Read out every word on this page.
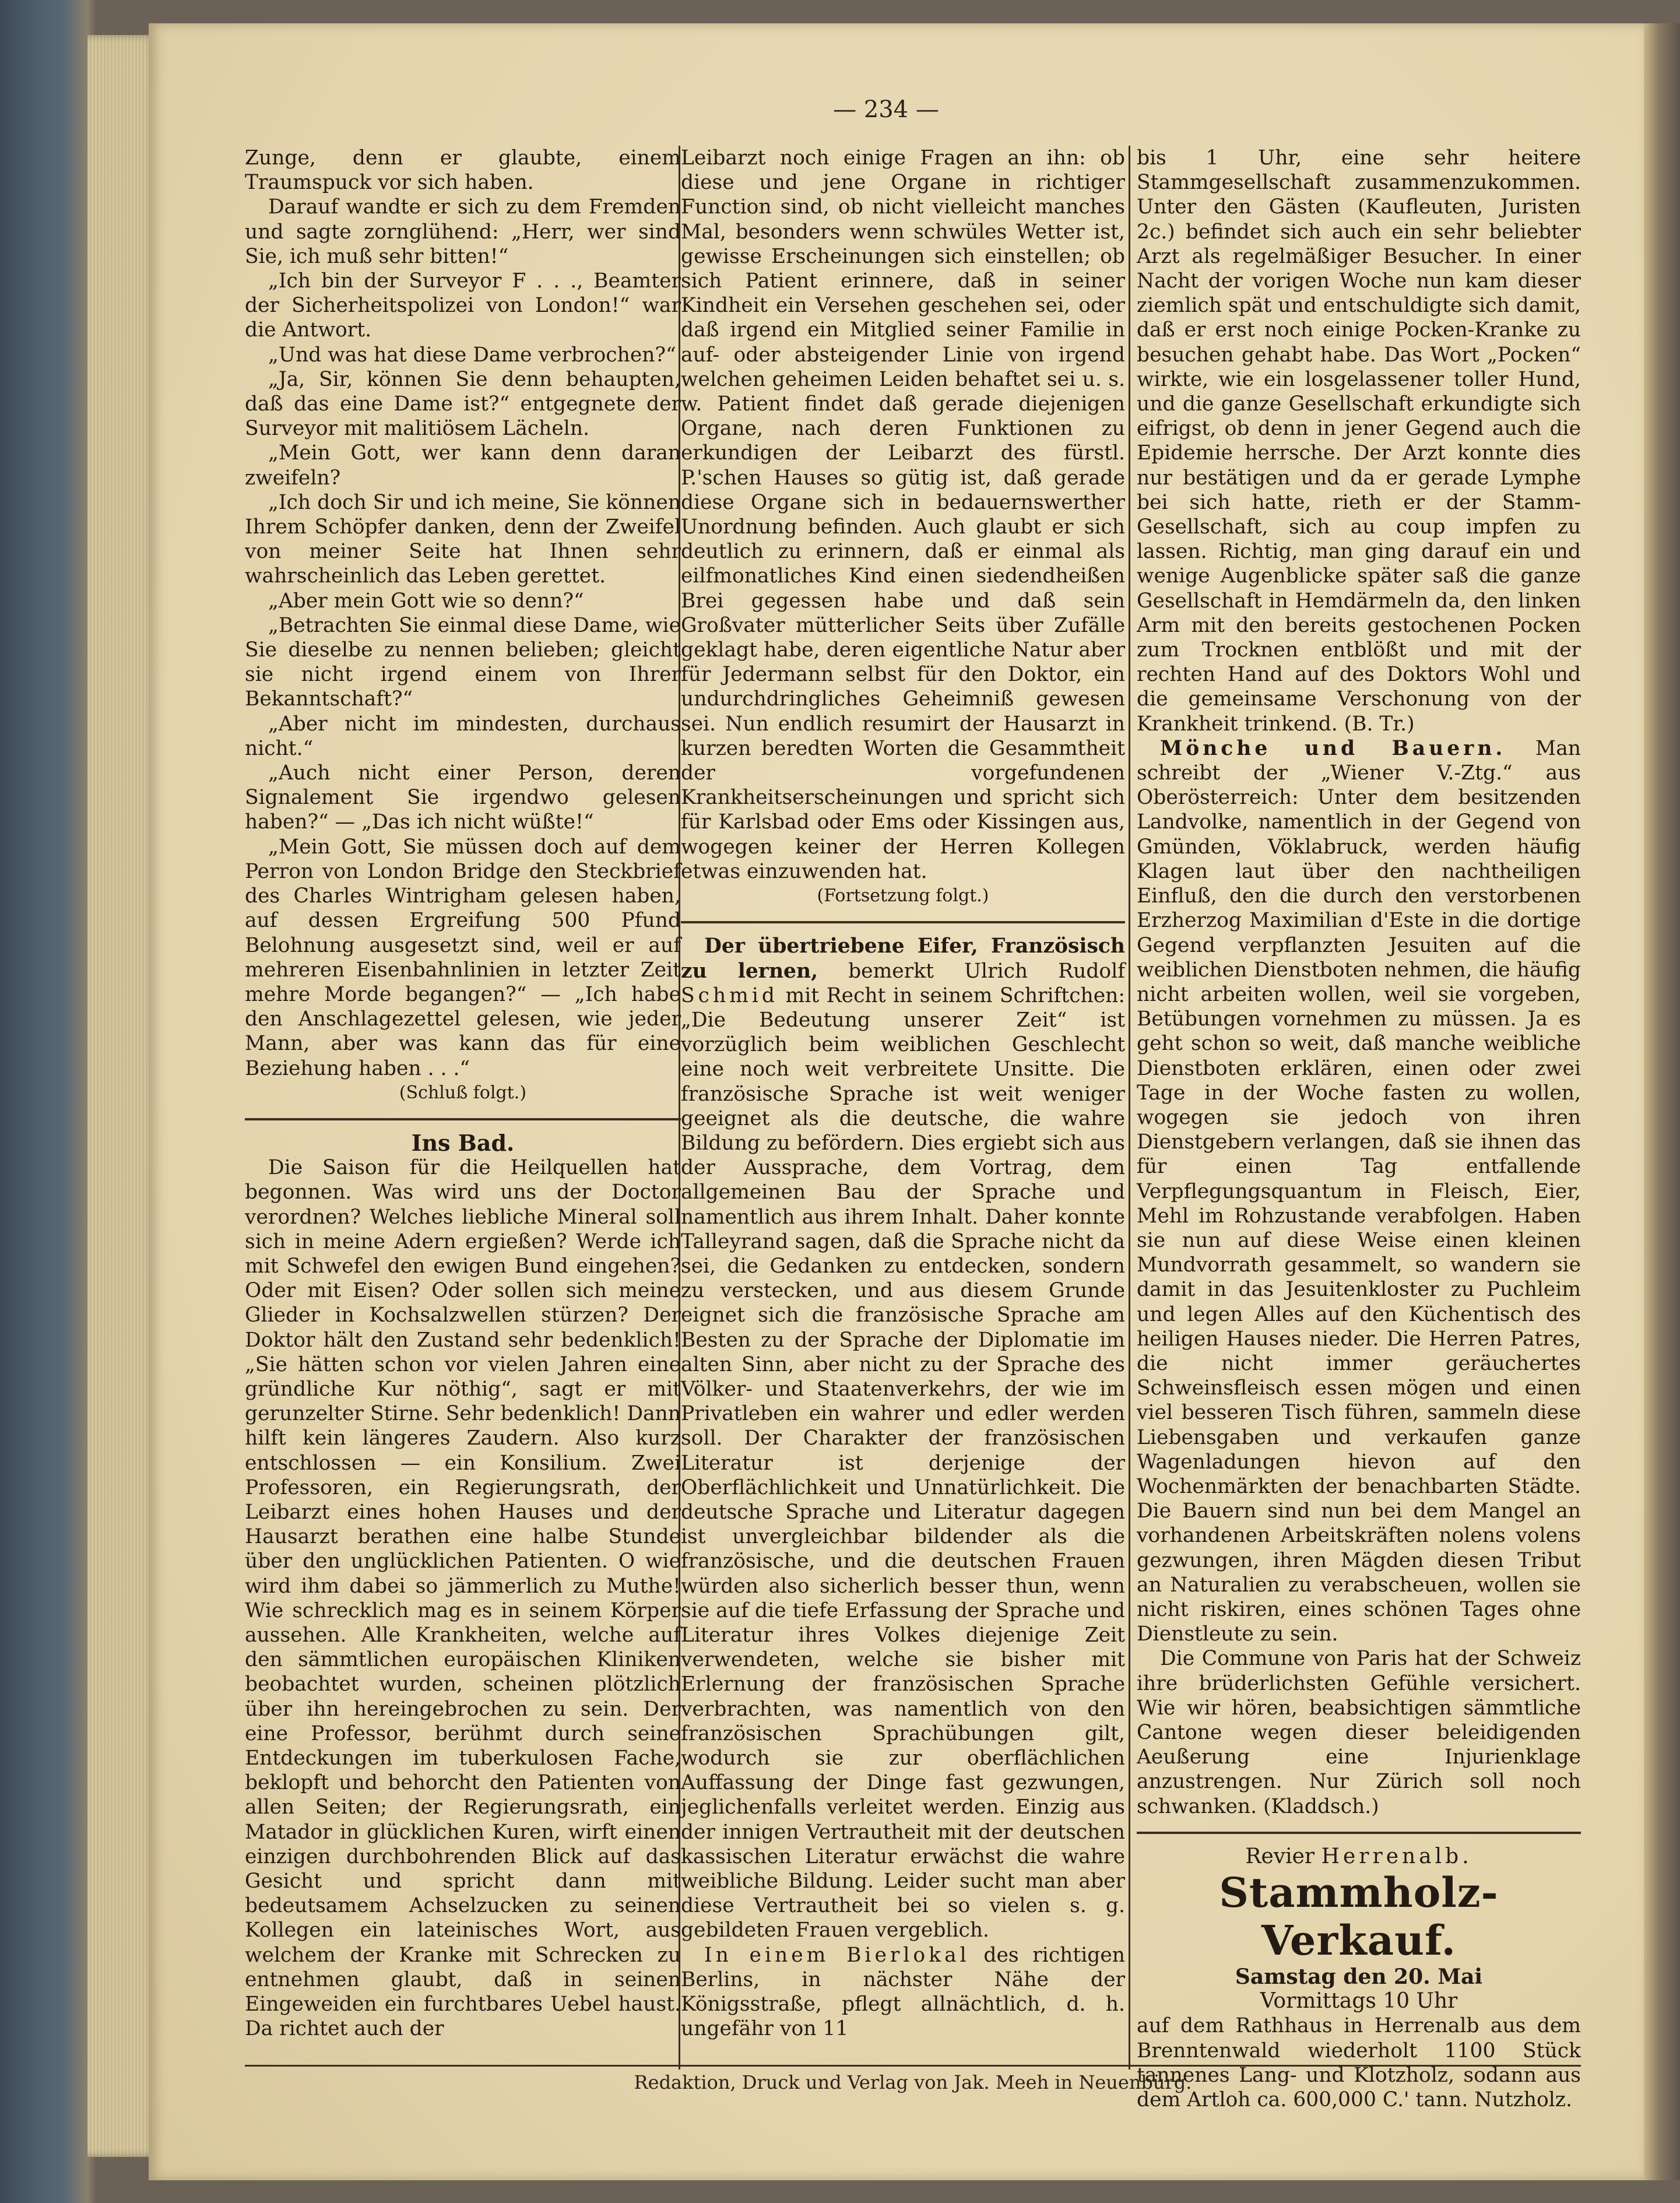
— 234 —

Zunge, denn er glaubte, einem Traumspuck vor sich haben.

Darauf wandte er sich zu dem Fremden und sagte zornglühend: „Herr, wer sind Sie, ich muß sehr bitten!“

„Ich bin der Surveyor F . . ., Beamter der Sicherheitspolizei von London!“ war die Antwort.

„Und was hat diese Dame verbrochen?“

„Ja, Sir, können Sie denn behaupten, daß das eine Dame ist?“ entgegnete der Surveyor mit malitiösem Lächeln.

„Mein Gott, wer kann denn daran zweifeln?

„Ich doch Sir und ich meine, Sie können Ihrem Schöpfer danken, denn der Zweifel von meiner Seite hat Ihnen sehr wahrscheinlich das Leben gerettet.

„Aber mein Gott wie so denn?“

„Betrachten Sie einmal diese Dame, wie Sie dieselbe zu nennen belieben; gleicht sie nicht irgend einem von Ihrer Bekanntschaft?“

„Aber nicht im mindesten, durchaus nicht.“

„Auch nicht einer Person, deren Signalement Sie irgendwo gelesen haben?“ — „Das ich nicht wüßte!“

„Mein Gott, Sie müssen doch auf dem Perron von London Bridge den Steckbrief des Charles Wintrigham gelesen haben, auf dessen Ergreifung 500 Pfund Belohnung ausgesetzt sind, weil er auf mehreren Eisenbahnlinien in letzter Zeit mehre Morde begangen?“ — „Ich habe den Anschlagezettel gelesen, wie jeder Mann, aber was kann das für eine Beziehung haben . . .“

(Schluß folgt.)

Ins Bad.

Die Saison für die Heilquellen hat begonnen. Was wird uns der Doctor verordnen? Welches liebliche Mineral soll sich in meine Adern ergießen? Werde ich mit Schwefel den ewigen Bund eingehen? Oder mit Eisen? Oder sollen sich meine Glieder in Kochsalzwellen stürzen? Der Doktor hält den Zustand sehr bedenklich! „Sie hätten schon vor vielen Jahren eine gründliche Kur nöthig“, sagt er mit gerunzelter Stirne. Sehr bedenklich! Dann hilft kein längeres Zaudern. Also kurz entschlossen — ein Konsilium. Zwei Professoren, ein Regierungsrath, der Leibarzt eines hohen Hauses und der Hausarzt berathen eine halbe Stunde über den unglücklichen Patienten. O wie wird ihm dabei so jämmerlich zu Muthe! Wie schrecklich mag es in seinem Körper aussehen. Alle Krankheiten, welche auf den sämmtlichen europäischen Kliniken beobachtet wurden, scheinen plötzlich über ihn hereingebrochen zu sein. Der eine Professor, berühmt durch seine Entdeckungen im tuberkulosen Fache, beklopft und behorcht den Patienten von allen Seiten; der Regierungsrath, ein Matador in glücklichen Kuren, wirft einen einzigen durchbohrenden Blick auf das Gesicht und spricht dann mit bedeutsamem Achselzucken zu seinen Kollegen ein lateinisches Wort, aus welchem der Kranke mit Schrecken zu entnehmen glaubt, daß in seinen Eingeweiden ein furchtbares Uebel haust. Da richtet auch der

Leibarzt noch einige Fragen an ihn: ob diese und jene Organe in richtiger Function sind, ob nicht vielleicht manches Mal, besonders wenn schwüles Wetter ist, gewisse Erscheinungen sich einstellen; ob sich Patient erinnere, daß in seiner Kindheit ein Versehen geschehen sei, oder daß irgend ein Mitglied seiner Familie in auf- oder absteigender Linie von irgend welchen geheimen Leiden behaftet sei u. s. w. Patient findet daß gerade diejenigen Organe, nach deren Funktionen zu erkundigen der Leibarzt des fürstl. P.'schen Hauses so gütig ist, daß gerade diese Organe sich in bedauernswerther Unordnung befinden. Auch glaubt er sich deutlich zu erinnern, daß er einmal als eilfmonatliches Kind einen siedendheißen Brei gegessen habe und daß sein Großvater mütterlicher Seits über Zufälle geklagt habe, deren eigentliche Natur aber für Jedermann selbst für den Doktor, ein undurchdringliches Geheimniß gewesen sei. Nun endlich resumirt der Hausarzt in kurzen beredten Worten die Gesammtheit der vorgefundenen Krankheitserscheinungen und spricht sich für Karlsbad oder Ems oder Kissingen aus, wogegen keiner der Herren Kollegen etwas einzuwenden hat.

(Fortsetzung folgt.)

Der übertriebene Eifer, Französisch zu lernen, bemerkt Ulrich Rudolf Schmid mit Recht in seinem Schriftchen: „Die Bedeutung unserer Zeit“ ist vorzüglich beim weiblichen Geschlecht eine noch weit verbreitete Unsitte. Die französische Sprache ist weit weniger geeignet als die deutsche, die wahre Bildung zu befördern. Dies ergiebt sich aus der Aussprache, dem Vortrag, dem allgemeinen Bau der Sprache und namentlich aus ihrem Inhalt. Daher konnte Talleyrand sagen, daß die Sprache nicht da sei, die Gedanken zu entdecken, sondern zu verstecken, und aus diesem Grunde eignet sich die französische Sprache am Besten zu der Sprache der Diplomatie im alten Sinn, aber nicht zu der Sprache des Völker- und Staatenverkehrs, der wie im Privatleben ein wahrer und edler werden soll. Der Charakter der französischen Literatur ist derjenige der Oberflächlichkeit und Unnatürlichkeit. Die deutsche Sprache und Literatur dagegen ist unvergleichbar bildender als die französische, und die deutschen Frauen würden also sicherlich besser thun, wenn sie auf die tiefe Erfassung der Sprache und Literatur ihres Volkes diejenige Zeit verwendeten, welche sie bisher mit Erlernung der französischen Sprache verbrachten, was namentlich von den französischen Sprachübungen gilt, wodurch sie zur oberflächlichen Auffassung der Dinge fast gezwungen, jeglichenfalls verleitet werden. Einzig aus der innigen Vertrautheit mit der deutschen kassischen Literatur erwächst die wahre weibliche Bildung. Leider sucht man aber diese Vertrautheit bei so vielen s. g. gebildeten Frauen vergeblich.

In einem Bierlokal des richtigen Berlins, in nächster Nähe der Königsstraße, pflegt allnächtlich, d. h. ungefähr von 11

bis 1 Uhr, eine sehr heitere Stammgesellschaft zusammenzukommen. Unter den Gästen (Kaufleuten, Juristen 2c.) befindet sich auch ein sehr beliebter Arzt als regelmäßiger Besucher. In einer Nacht der vorigen Woche nun kam dieser ziemlich spät und entschuldigte sich damit, daß er erst noch einige Pocken-Kranke zu besuchen gehabt habe. Das Wort „Pocken“ wirkte, wie ein losgelassener toller Hund, und die ganze Gesellschaft erkundigte sich eifrigst, ob denn in jener Gegend auch die Epidemie herrsche. Der Arzt konnte dies nur bestätigen und da er gerade Lymphe bei sich hatte, rieth er der Stamm-Gesellschaft, sich au coup impfen zu lassen. Richtig, man ging darauf ein und wenige Augenblicke später saß die ganze Gesellschaft in Hemdärmeln da, den linken Arm mit den bereits gestochenen Pocken zum Trocknen entblößt und mit der rechten Hand auf des Doktors Wohl und die gemeinsame Verschonung von der Krankheit trinkend. (B. Tr.)

Mönche und Bauern. Man schreibt der „Wiener V.-Ztg.“ aus Oberösterreich: Unter dem besitzenden Landvolke, namentlich in der Gegend von Gmünden, Vöklabruck, werden häufig Klagen laut über den nachtheiligen Einfluß, den die durch den verstorbenen Erzherzog Maximilian d'Este in die dortige Gegend verpflanzten Jesuiten auf die weiblichen Dienstboten nehmen, die häufig nicht arbeiten wollen, weil sie vorgeben, Betübungen vornehmen zu müssen. Ja es geht schon so weit, daß manche weibliche Dienstboten erklären, einen oder zwei Tage in der Woche fasten zu wollen, wogegen sie jedoch von ihren Dienstgebern verlangen, daß sie ihnen das für einen Tag entfallende Verpflegungsquantum in Fleisch, Eier, Mehl im Rohzustande verabfolgen. Haben sie nun auf diese Weise einen kleinen Mundvorrath gesammelt, so wandern sie damit in das Jesuitenkloster zu Puchleim und legen Alles auf den Küchentisch des heiligen Hauses nieder. Die Herren Patres, die nicht immer geräuchertes Schweinsfleisch essen mögen und einen viel besseren Tisch führen, sammeln diese Liebensgaben und verkaufen ganze Wagenladungen hievon auf den Wochenmärkten der benachbarten Städte. Die Bauern sind nun bei dem Mangel an vorhandenen Arbeitskräften nolens volens gezwungen, ihren Mägden diesen Tribut an Naturalien zu verabscheuen, wollen sie nicht riskiren, eines schönen Tages ohne Dienstleute zu sein.

Die Commune von Paris hat der Schweiz ihre brüderlichsten Gefühle versichert. Wie wir hören, beabsichtigen sämmtliche Cantone wegen dieser beleidigenden Aeußerung eine Injurienklage anzustrengen. Nur Zürich soll noch schwanken. (Kladdsch.)

Revier Herrenalb.

Stammholz-Verkauf.

Samstag den 20. Mai

Vormittags 10 Uhr

auf dem Rathhaus in Herrenalb aus dem Brenntenwald wiederholt 1100 Stück tannenes Lang- und Klotzholz, sodann aus dem Artloh ca. 600,000 C.' tann. Nutzholz.

Redaktion, Druck und Verlag von Jak. Meeh in Neuenbürg.
